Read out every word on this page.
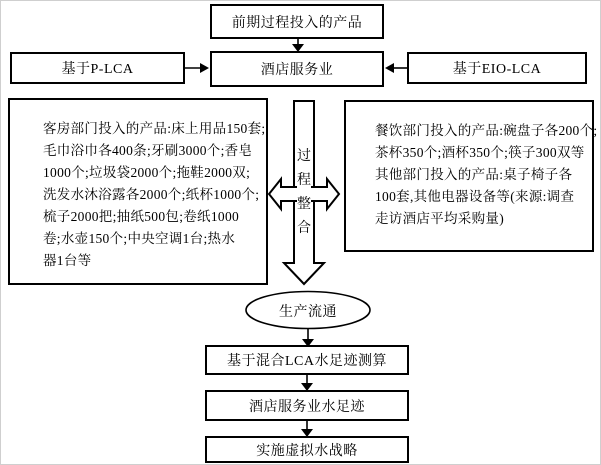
前期过程投入的产品
基于P-LCA	酒店服务业	基于EIO-LCA
客房部门投入的产品:床上用品150套;
毛巾浴巾各400条;牙刷3000个;香皂
1000个;垃圾袋2000个;拖鞋2000双;
洗发水沐浴露各2000个;纸杯1000个;
梳子2000把;抽纸500包;卷纸1000
卷;水壶150个;中央空调1台;热水
器1台等
餐饮部门投入的产品:碗盘子各200个;
茶杯350个;酒杯350个;筷子300双等
其他部门投入的产品:桌子椅子各
100套,其他电器设备等(来源:调查
走访酒店平均采购量)
过程整合
生产流通
基于混合LCA水足迹测算
酒店服务业水足迹
实施虚拟水战略
